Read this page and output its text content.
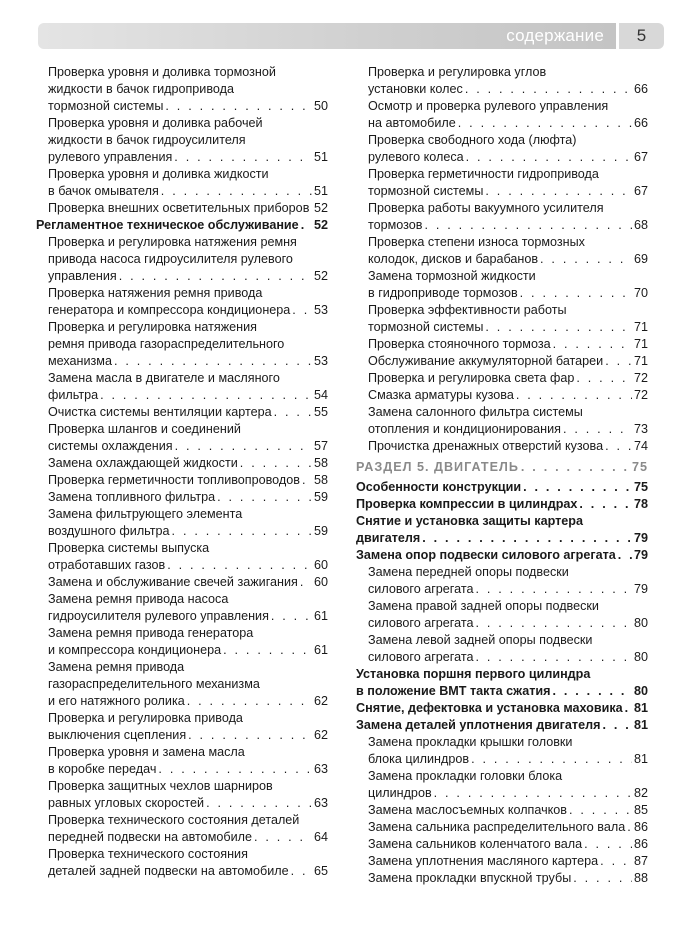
содержание	5
Проверка уровня и доливка тормозной
жидкости в бачок гидропривода
тормозной системы . . .	50
Проверка уровня и доливка рабочей
жидкости в бачок гидроусилителя
рулевого управления . . .	51
Проверка уровня и доливка жидкости
в бачок омывателя . . .	51
Проверка внешних осветительных приборов . . . 52
Регламентное техническое обслуживание . . . 52
Проверка и регулировка натяжения ремня
привода насоса гидроусилителя рулевого
управления . . .	52
Проверка натяжения ремня привода
генератора и компрессора кондиционера . . . 53
Проверка и регулировка натяжения
ремня привода газораспределительного
механизма . . .	53
Замена масла в двигателе и масляного
фильтра . . .	54
Очистка системы вентиляции картера . . .	55
Проверка шлангов и соединений
системы охлаждения . . .	57
Замена охлаждающей жидкости . . .	58
Проверка герметичности топливопроводов . . . 58
Замена топливного фильтра . . .	59
Замена фильтрующего элемента
воздушного фильтра . . .	59
Проверка системы выпуска
отработавших газов . . .	60
Замена и обслуживание свечей зажигания . . . 60
Замена ремня привода насоса
гидроусилителя рулевого управления . . .	61
Замена ремня привода генератора
и компрессора кондиционера . . .	61
Замена ремня привода
газораспределительного механизма
и его натяжного ролика . . .	62
Проверка и регулировка привода
выключения сцепления . . .	62
Проверка уровня и замена масла
в коробке передач . . .	63
Проверка защитных чехлов шарниров
равных угловых скоростей . . .	63
Проверка технического состояния деталей
передней подвески на автомобиле . . .	64
Проверка технического состояния
деталей задней подвески на автомобиле . . . 65
Проверка и регулировка углов
установки колес . . .	66
Осмотр и проверка рулевого управления
на автомобиле . . .	66
Проверка свободного хода (люфта)
рулевого колеса . . .	67
Проверка герметичности гидропривода
тормозной системы . . .	67
Проверка работы вакуумного усилителя
тормозов . . .	68
Проверка степени износа тормозных
колодок, дисков и барабанов . . .	69
Замена тормозной жидкости
в гидроприводе тормозов . . .	70
Проверка эффективности работы
тормозной системы . . .	71
Проверка стояночного тормоза . . .	71
Обслуживание аккумуляторной батареи . . . 71
Проверка и регулировка света фар . . .	72
Смазка арматуры кузова . . .	72
Замена салонного фильтра системы
отопления и кондиционирования . . .	73
Прочистка дренажных отверстий кузова . . . 74
РАЗДЕЛ 5. ДВИГАТЕЛЬ . . .	75
Особенности конструкции . . .	75
Проверка компрессии в цилиндрах . . .	78
Снятие и установка защиты картера
двигателя . . .	79
Замена опор подвески силового агрегата . . . 79
Замена передней опоры подвески
силового агрегата . . .	79
Замена правой задней опоры подвески
силового агрегата . . .	80
Замена левой задней опоры подвески
силового агрегата . . .	80
Установка поршня первого цилиндра
в положение ВМТ такта сжатия . . .	80
Снятие, дефектовка и установка маховика . . . 81
Замена деталей уплотнения двигателя . . .	81
Замена прокладки крышки головки
блока цилиндров . . .	81
Замена прокладки головки блока
цилиндров . . .	82
Замена маслосъемных колпачков . . .	85
Замена сальника распределительного вала . . . 86
Замена сальников коленчатого вала . . .	86
Замена уплотнения масляного картера . . .	87
Замена прокладки впускной трубы . . .	88
